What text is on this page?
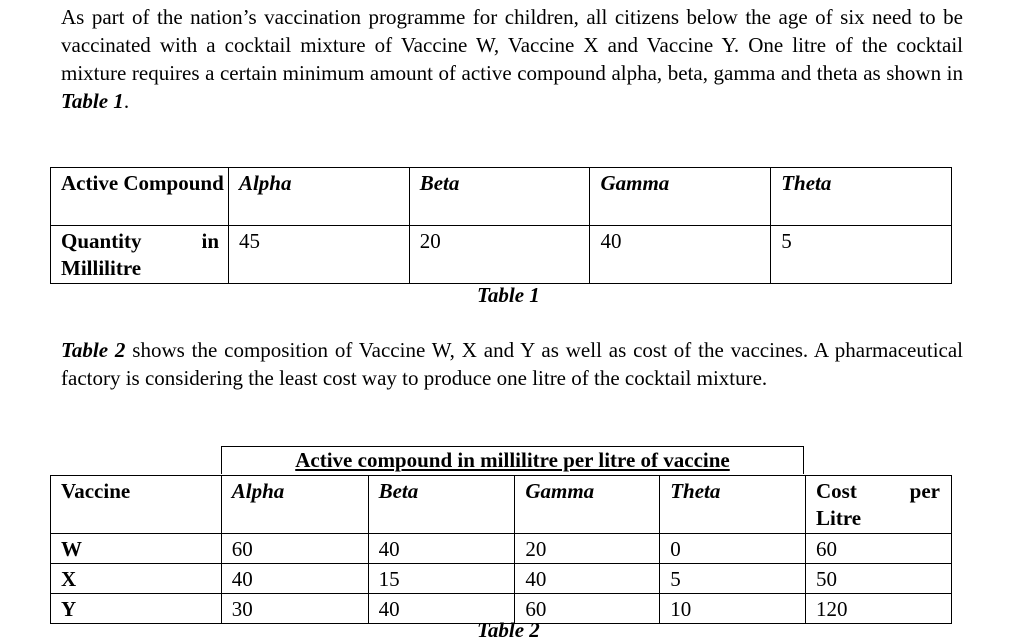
As part of the nation’s vaccination programme for children, all citizens below the age of six need to be vaccinated with a cocktail mixture of Vaccine W, Vaccine X and Vaccine Y. One litre of the cocktail mixture requires a certain minimum amount of active compound alpha, beta, gamma and theta as shown in Table 1.

Active Compound	Alpha	Beta	Gamma	Theta

Quantity in
Millilitre	45	20	40	5
Table 1

Table 2 shows the composition of Vaccine W, X and Y as well as cost of the vaccines. A pharmaceutical factory is considering the least cost way to produce one litre of the cocktail mixture.

Active compound in millilitre per litre of vaccine
Vaccine	Alpha	Beta	Gamma	Theta	Cost per
Litre

W	60	40	20	0	60
X	40	15	40	5	50
Y	30	40	60	10	120
Table 2
